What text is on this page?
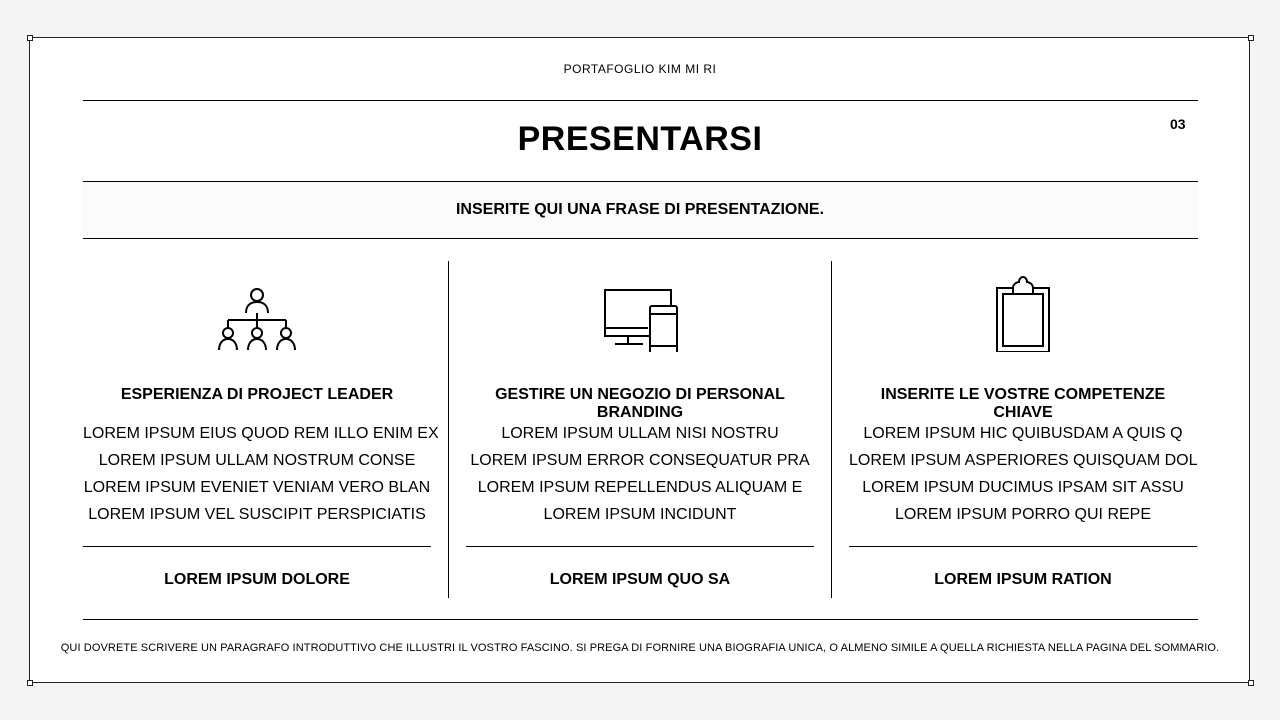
PORTAFOGLIO KIM MI RI
PRESENTARSI	03
INSERITE QUI UNA FRASE DI PRESENTAZIONE.
ESPERIENZA DI PROJECT LEADER
LOREM IPSUM EIUS QUOD REM ILLO ENIM EX
LOREM IPSUM ULLAM NOSTRUM CONSE
LOREM IPSUM EVENIET VENIAM VERO BLAN
LOREM IPSUM VEL SUSCIPIT PERSPICIATIS
LOREM IPSUM DOLORE
GESTIRE UN NEGOZIO DI PERSONAL BRANDING
LOREM IPSUM ULLAM NISI NOSTRU
LOREM IPSUM ERROR CONSEQUATUR PRA
LOREM IPSUM REPELLENDUS ALIQUAM E
LOREM IPSUM INCIDUNT
LOREM IPSUM QUO SA
INSERITE LE VOSTRE COMPETENZE CHIAVE
LOREM IPSUM HIC QUIBUSDAM A QUIS Q
LOREM IPSUM ASPERIORES QUISQUAM DOL
LOREM IPSUM DUCIMUS IPSAM SIT ASSU
LOREM IPSUM PORRO QUI REPE
LOREM IPSUM RATION
QUI DOVRETE SCRIVERE UN PARAGRAFO INTRODUTTIVO CHE ILLUSTRI IL VOSTRO FASCINO. SI PREGA DI FORNIRE UNA BIOGRAFIA UNICA, O ALMENO SIMILE A QUELLA RICHIESTA NELLA PAGINA DEL SOMMARIO.
